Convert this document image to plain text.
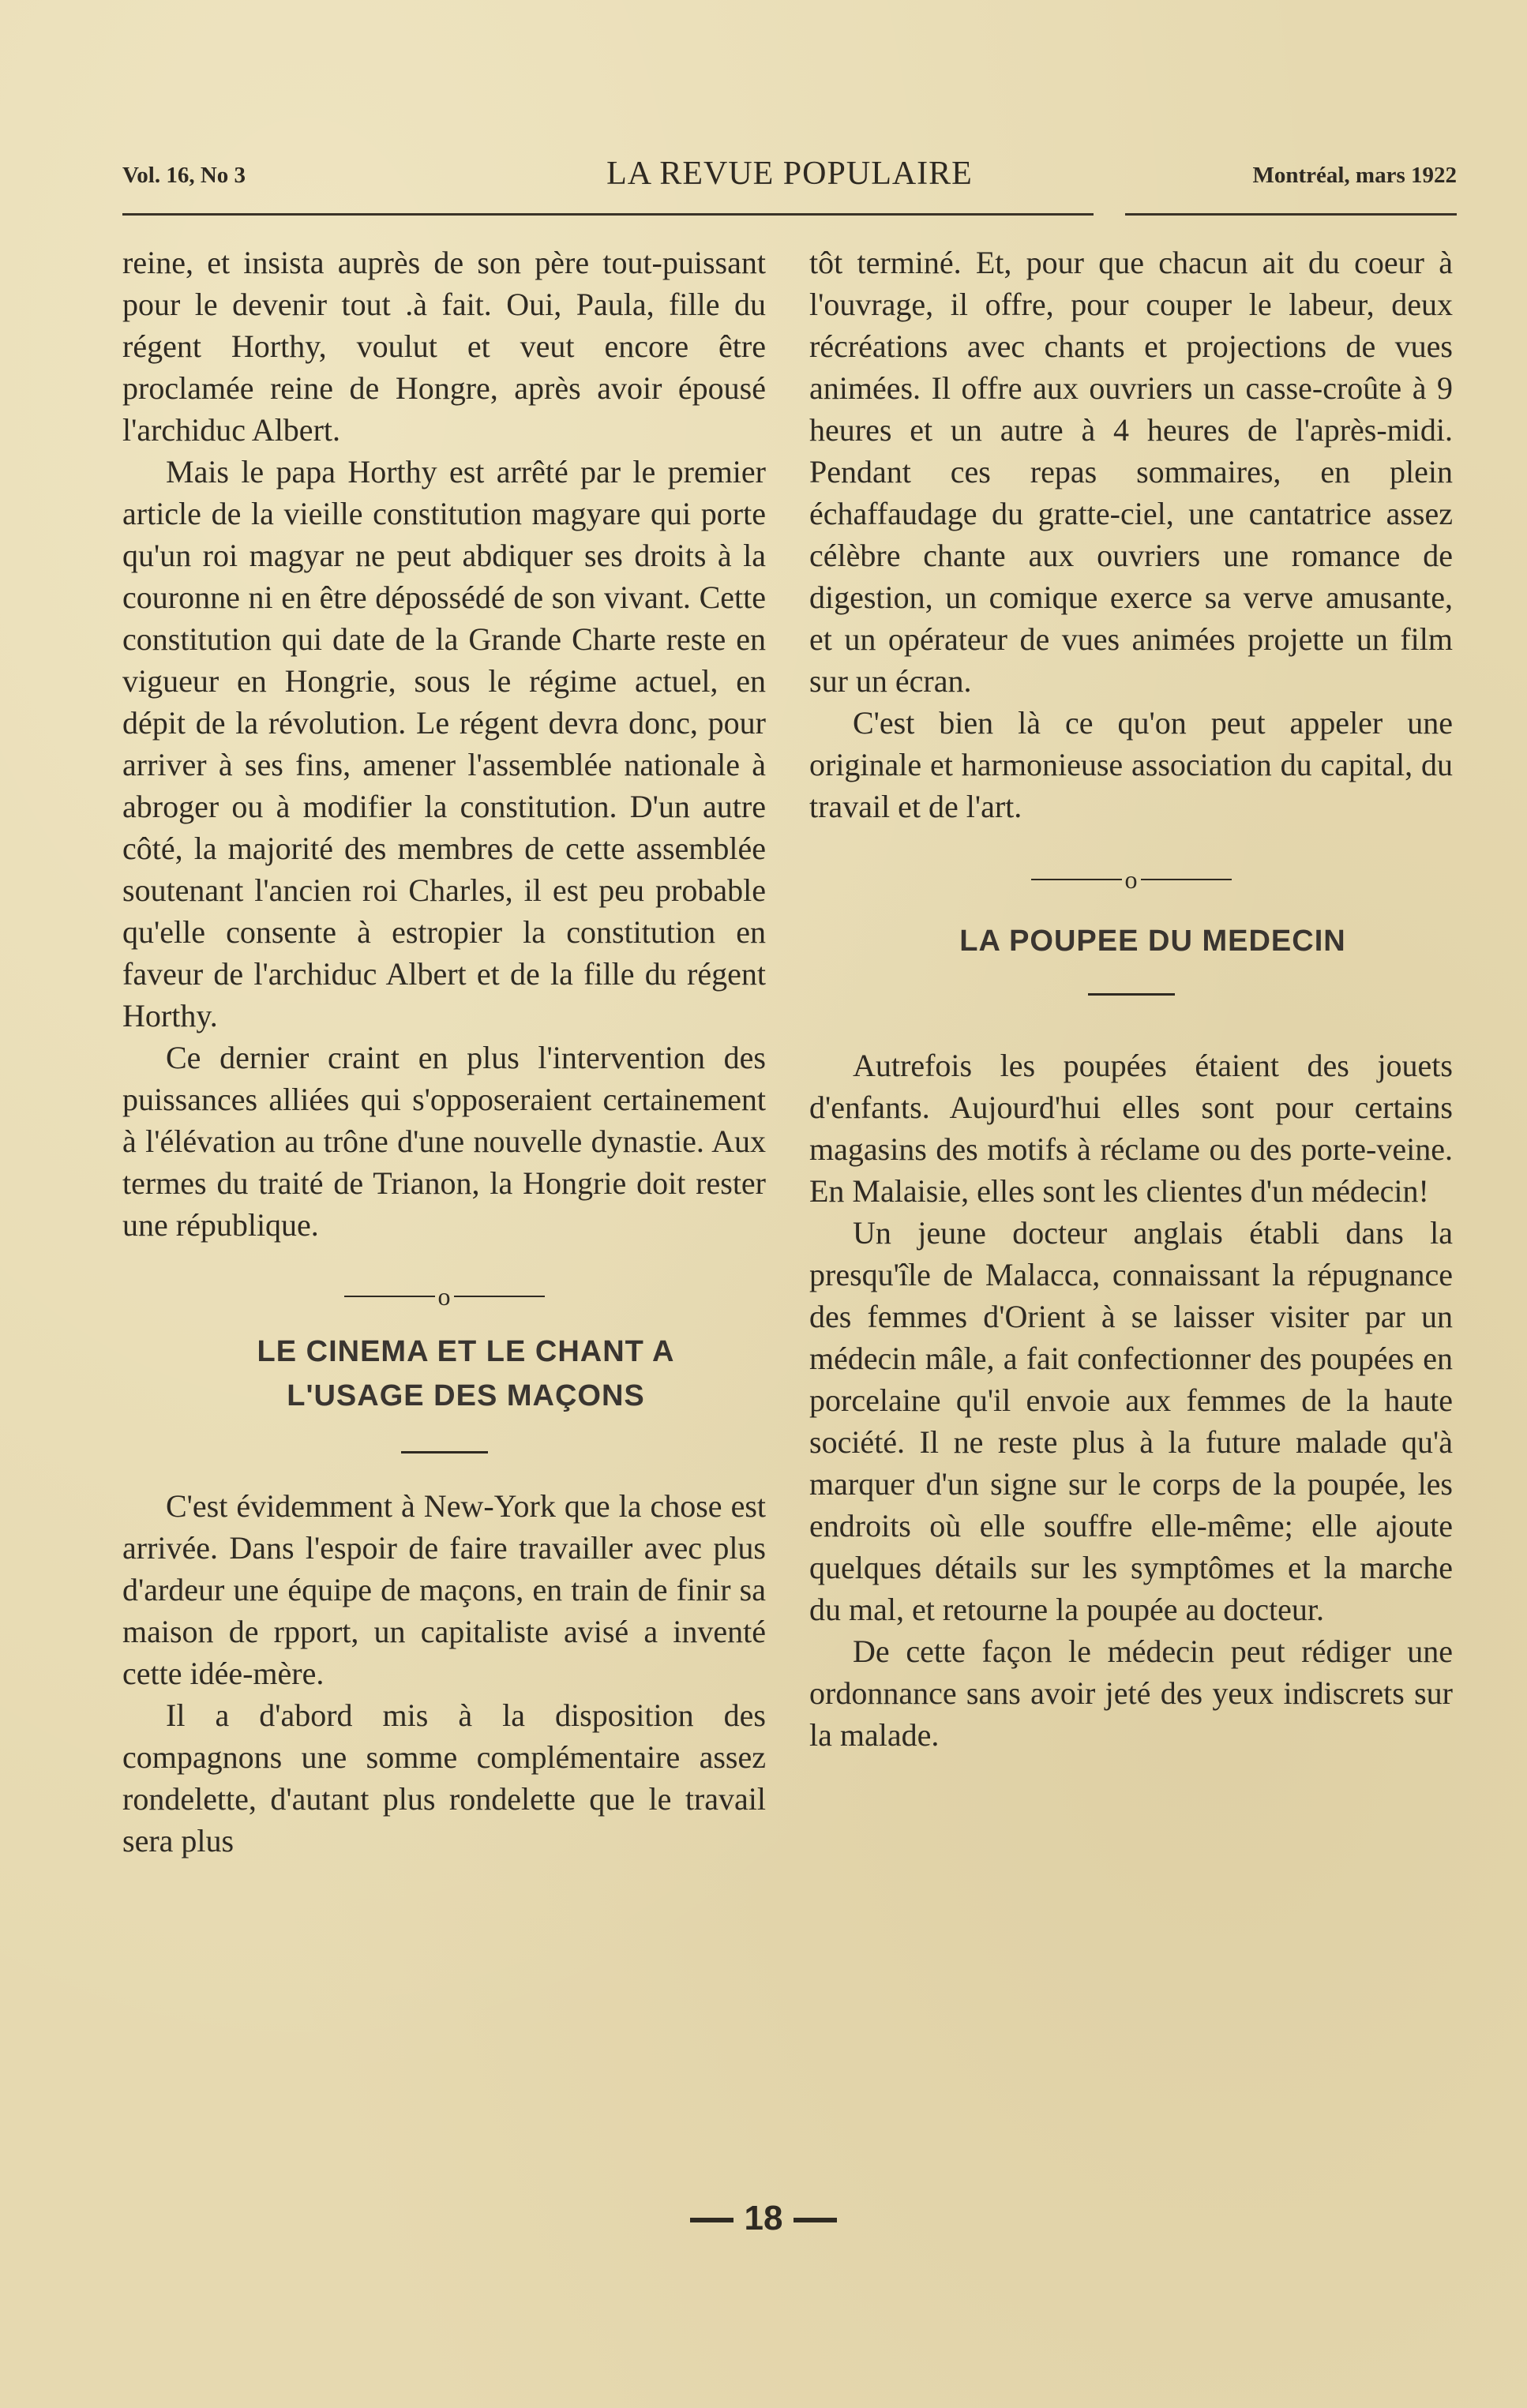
Vol. 16, No 3	LA REVUE POPULAIRE	Montréal, mars 1922

reine, et insista auprès de son père tout-puissant pour le devenir tout .à fait. Oui, Paula, fille du régent Horthy, voulut et veut encore être proclamée reine de Hongre, après avoir épousé l'archiduc Albert.

Mais le papa Horthy est arrêté par le premier article de la vieille constitution magyare qui porte qu'un roi magyar ne peut abdiquer ses droits à la couronne ni en être dépossédé de son vivant. Cette constitution qui date de la Grande Charte reste en vigueur en Hongrie, sous le régime actuel, en dépit de la révolution. Le régent devra donc, pour arriver à ses fins, amener l'assemblée nationale à abroger ou à modifier la constitution. D'un autre côté, la majorité des membres de cette assemblée soutenant l'ancien roi Charles, il est peu probable qu'elle consente à estropier la constitution en faveur de l'archiduc Albert et de la fille du régent Horthy.

Ce dernier craint en plus l'intervention des puissances alliées qui s'opposeraient certainement à l'élévation au trône d'une nouvelle dynastie. Aux termes du traité de Trianon, la Hongrie doit rester une république.

o

LE CINEMA ET LE CHANT A

L'USAGE DES MAÇONS

C'est évidemment à New-York que la chose est arrivée. Dans l'espoir de faire travailler avec plus d'ardeur une équipe de maçons, en train de finir sa maison de rpport, un capitaliste avisé a inventé cette idée-mère.

Il a d'abord mis à la disposition des compagnons une somme complémentaire assez rondelette, d'autant plus rondelette que le travail sera plus

tôt terminé. Et, pour que chacun ait du coeur à l'ouvrage, il offre, pour couper le labeur, deux récréations avec chants et projections de vues animées. Il offre aux ouvriers un casse-croûte à 9 heures et un autre à 4 heures de l'après-midi. Pendant ces repas sommaires, en plein échaffaudage du gratte-ciel, une cantatrice assez célèbre chante aux ouvriers une romance de digestion, un comique exerce sa verve amusante, et un opérateur de vues animées projette un film sur un écran.

C'est bien là ce qu'on peut appeler une originale et harmonieuse association du capital, du travail et de l'art.

o

LA POUPEE DU MEDECIN

Autrefois les poupées étaient des jouets d'enfants. Aujourd'hui elles sont pour certains magasins des motifs à réclame ou des porte-veine. En Malaisie, elles sont les clientes d'un médecin!

Un jeune docteur anglais établi dans la presqu'île de Malacca, connaissant la répugnance des femmes d'Orient à se laisser visiter par un médecin mâle, a fait confectionner des poupées en porcelaine qu'il envoie aux femmes de la haute société. Il ne reste plus à la future malade qu'à marquer d'un signe sur le corps de la poupée, les endroits où elle souffre elle-même; elle ajoute quelques détails sur les symptômes et la marche du mal, et retourne la poupée au docteur.

De cette façon le médecin peut rédiger une ordonnance sans avoir jeté des yeux indiscrets sur la malade.

18
